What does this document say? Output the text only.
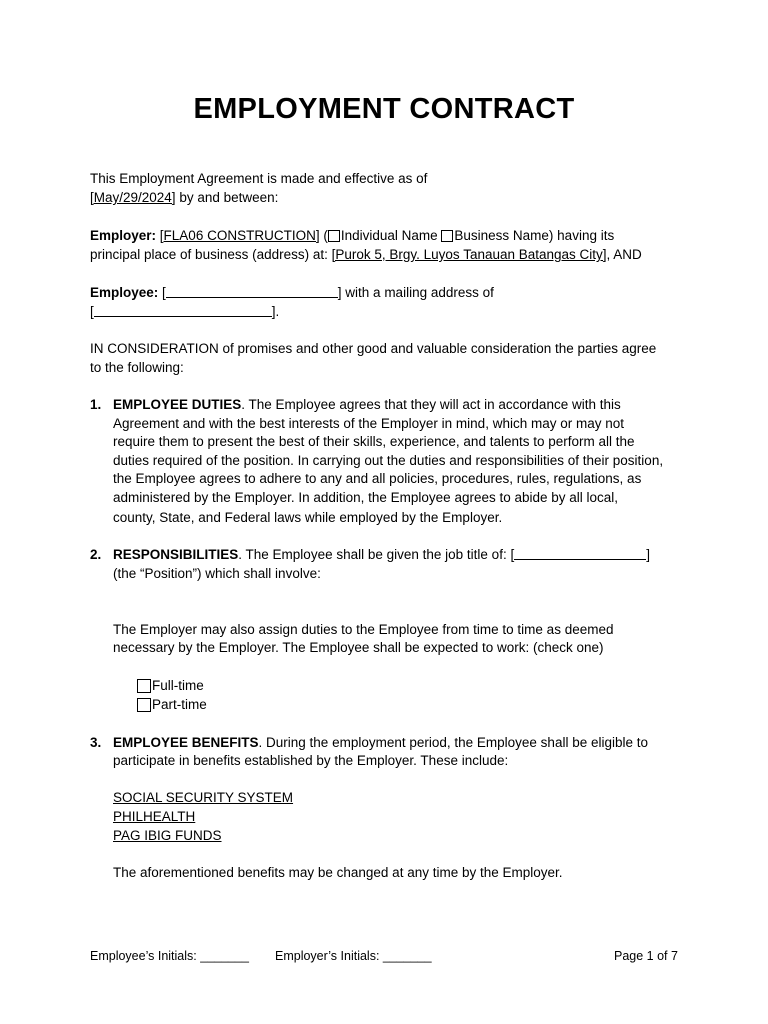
EMPLOYMENT CONTRACT
This Employment Agreement is made and effective as of
[May/29/2024] by and between:
Employer: [FLA06 CONSTRUCTION] ( Individual Name Business Name) having its
principal place of business (address) at: [Purok 5, Brgy. Luyos Tanauan Batangas City], AND
Employee: [	] with a mailing address of
[	].
IN CONSIDERATION of promises and other good and valuable consideration the parties agree
to the following:
1. EMPLOYEE DUTIES. The Employee agrees that they will act in accordance with this
Agreement and with the best interests of the Employer in mind, which may or may not
require them to present the best of their skills, experience, and talents to perform all the
duties required of the position. In carrying out the duties and responsibilities of their position,
the Employee agrees to adhere to any and all policies, procedures, rules, regulations, as
administered by the Employer. In addition, the Employee agrees to abide by all local,
county, State, and Federal laws while employed by the Employer.
2. RESPONSIBILITIES. The Employee shall be given the job title of: [	]
(the “Position”) which shall involve:
The Employer may also assign duties to the Employee from time to time as deemed
necessary by the Employer. The Employee shall be expected to work: (check one)
Full-time
Part-time
3. EMPLOYEE BENEFITS. During the employment period, the Employee shall be eligible to
participate in benefits established by the Employer. These include:
SOCIAL SECURITY SYSTEM
PHILHEALTH
PAG IBIG FUNDS
The aforementioned benefits may be changed at any time by the Employer.
Employee’s Initials: _______ Employer’s Initials: _______	Page 1 of 7
